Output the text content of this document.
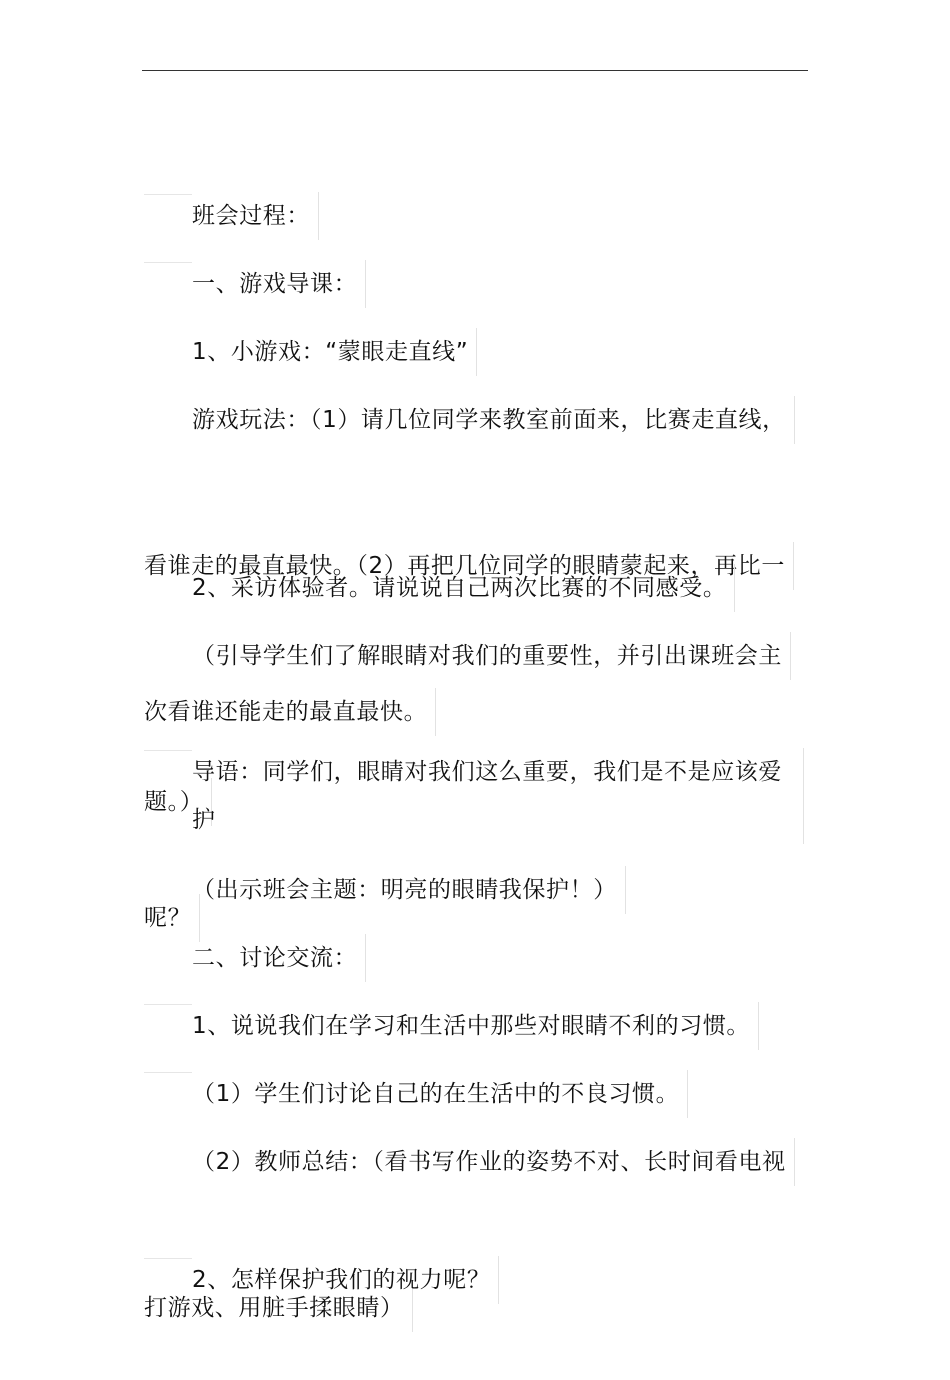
班会过程：

一、游戏导课：

1、小游戏：“蒙眼走直线”

游戏玩法：（1）请几位同学来教室前面来，比赛走直线，

看谁走的最直最快。（2）再把几位同学的眼睛蒙起来，再比一

次看谁还能走的最直最快。

2、采访体验者。请说说自己两次比赛的不同感受。

（引导学生们了解眼睛对我们的重要性，并引出课班会主

题。）

导语：同学们，眼睛对我们这么重要，我们是不是应该爱护

呢？

（出示班会主题：明亮的眼睛我保护！）

二、讨论交流：

1、说说我们在学习和生活中那些对眼睛不利的习惯。

（1）学生们讨论自己的在生活中的不良习惯。

（2）教师总结：（看书写作业的姿势不对、长时间看电视

打游戏、用脏手揉眼睛）

2、怎样保护我们的视力呢？
